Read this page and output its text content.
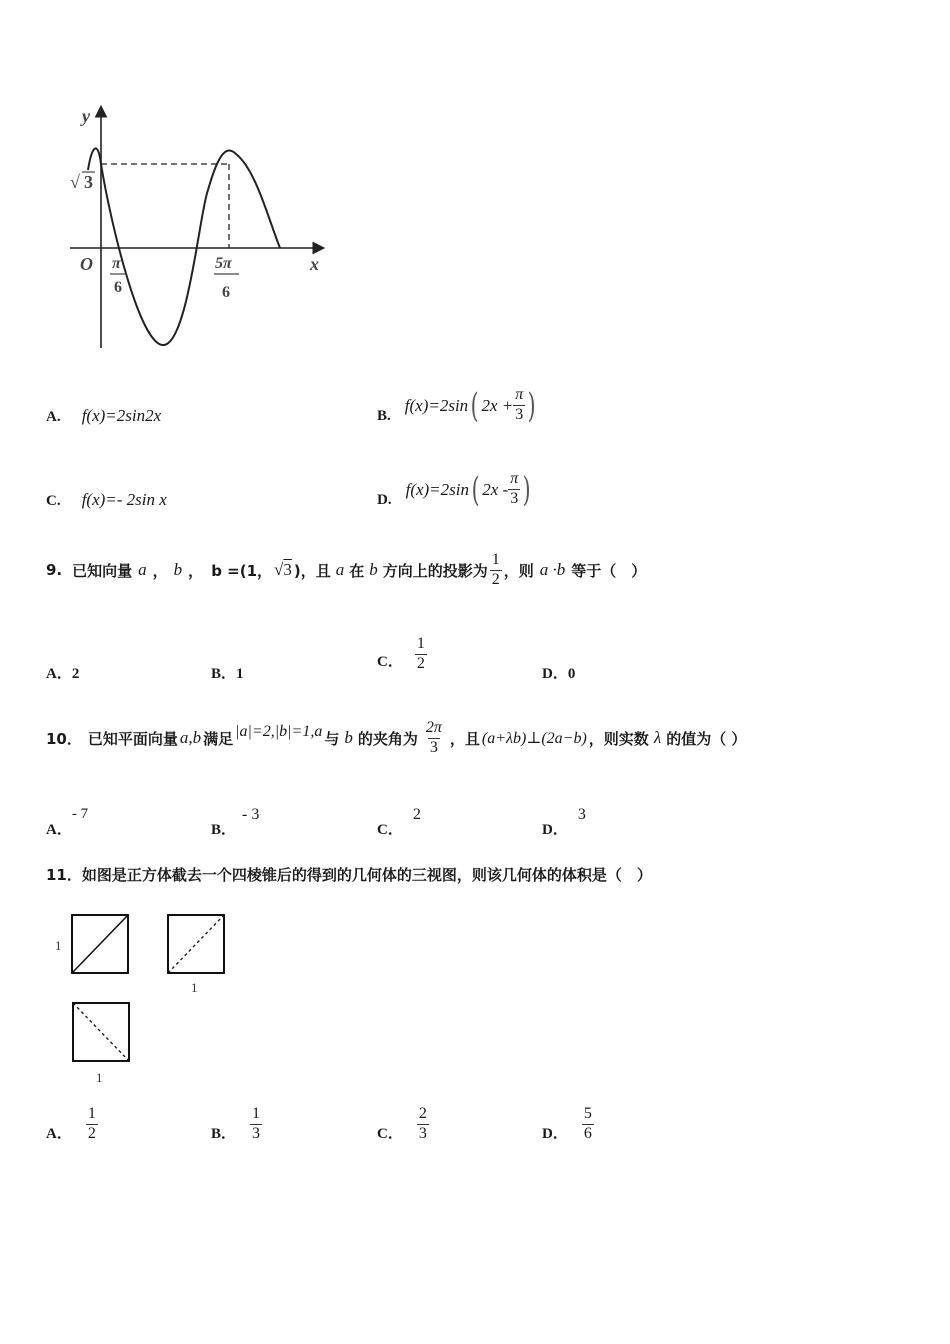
y
x
O
√ 3
π
6
5π
6
A. f(x)=2sin2x	B.
f(x)=2sin ( $2x + \frac{\pi}{3}$ )
C. f(x)=- 2sin x	D.
f(x)=2sin ( $2x - \frac{\pi}{3}$ )
9. 已知向量 a ， b ， b =(1， √3 )，且 a 在 b 方向上的投影为 $\frac{1}{2}$ ，则 a ·b 等于（　）
A．2	B．1
C． $\frac{1}{2}$
D．0
10． 已知平面向量 a,b 满足 |a|=2,|b|=1,a 与 b 的夹角为 $\frac{2\pi}{3}$ ，且 (a+λb)⊥(2a−b) ，则实数 λ 的值为（ ）
A．
- 7
B．
- 3
C．
2
D．
3
11．如图是正方体截去一个四棱锥后的得到的几何体的三视图，则该几何体的体积是（　）
1
1
1
A． $\frac{1}{2}$	B． $\frac{1}{3}$	C． $\frac{2}{3}$	D． $\frac{5}{6}$
